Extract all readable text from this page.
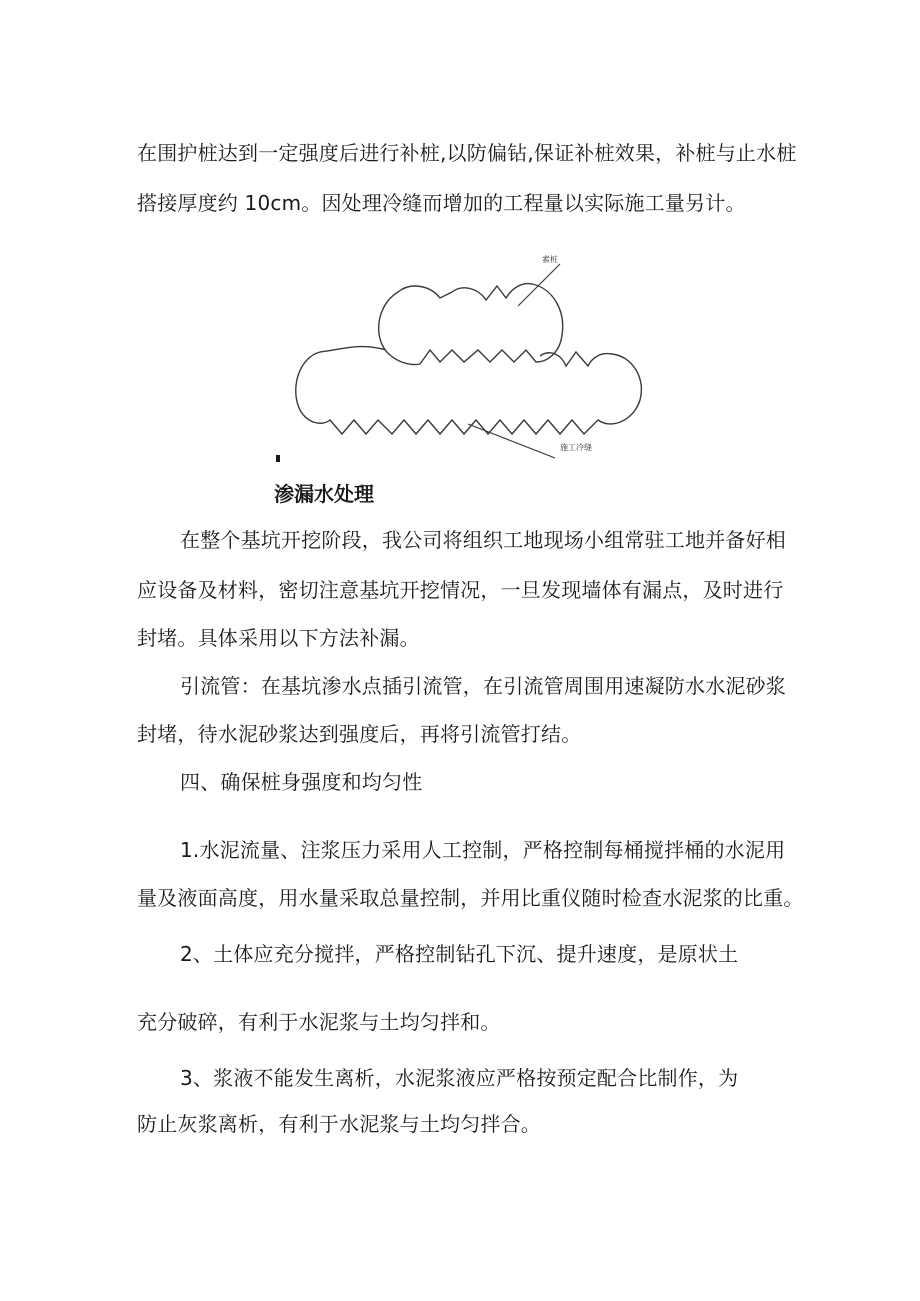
在围护桩达到一定强度后进行补桩,以防偏钻,保证补桩效果，补桩与止水桩
搭接厚度约 10cm。因处理冷缝而增加的工程量以实际施工量另计。
素桩
施工冷缝
渗漏水处理
在整个基坑开挖阶段，我公司将组织工地现场小组常驻工地并备好相
应设备及材料，密切注意基坑开挖情况，一旦发现墙体有漏点，及时进行
封堵。具体采用以下方法补漏。
引流管：在基坑渗水点插引流管，在引流管周围用速凝防水水泥砂浆
封堵，待水泥砂浆达到强度后，再将引流管打结。
四、确保桩身强度和均匀性
1.水泥流量、注浆压力采用人工控制，严格控制每桶搅拌桶的水泥用
量及液面高度，用水量采取总量控制，并用比重仪随时检查水泥浆的比重。
2、土体应充分搅拌，严格控制钻孔下沉、提升速度，是原状土
充分破碎，有利于水泥浆与土均匀拌和。
3、浆液不能发生离析，水泥浆液应严格按预定配合比制作，为
防止灰浆离析，有利于水泥浆与土均匀拌合。
